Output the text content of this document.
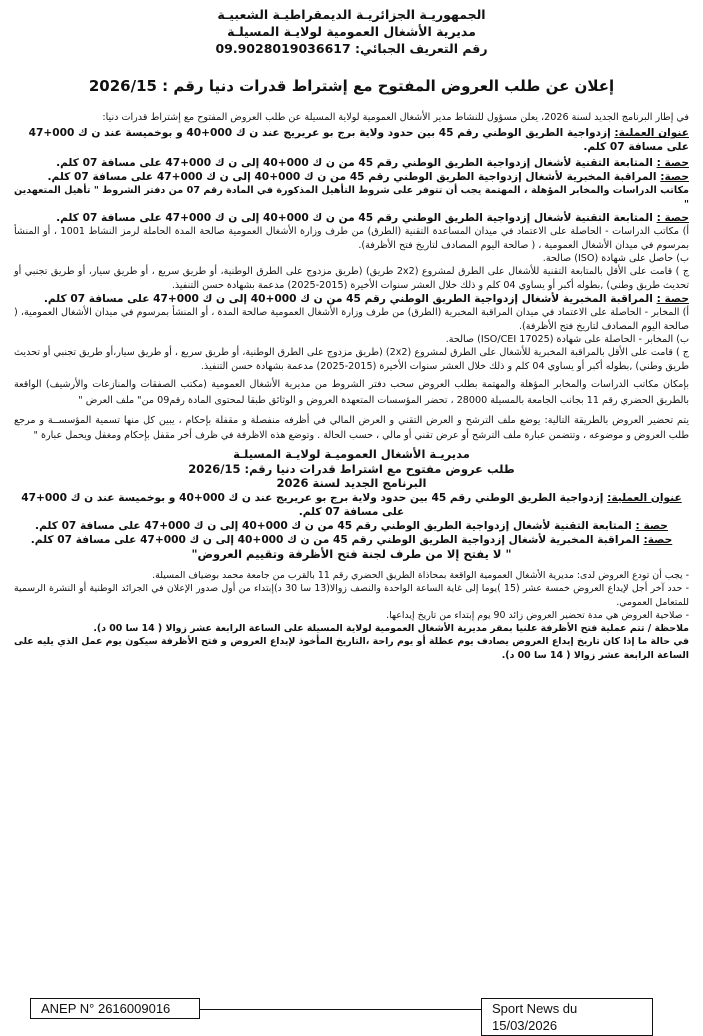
الجمهوريـة الجزائريـة الديمقراطيـة الشعبيـة
مديرية الأشغال العمومية لولايـة المسيلـة
رقم التعريف الجبائي: 09.9028019036617
إعلان عن طلب العروض المفتوح مع إشتراط قدرات دنيا رقم : 2026/15

في إطار البرنامج الجديد لسنة 2026، يعلن مسؤول للنشاط مدير الأشغال العمومية لولاية المسيلة عن طلب العروض المفتوح مع إشتراط قدرات دنيا:

عنوان العملية: إزدواجية الطريق الوطني رقم 45 بين حدود ولاية برج بو عريريج عند ن ك 000+40 و بوخميسة عند ن ك 000+47 على مسافة 07 كلم.

حصة : المتابعة التقنية لأشغال إزدواجية الطريق الوطني رقم 45 من ن ك 000+40 إلى ن ك 000+47 على مسافة 07 كلم.

حصة: المراقبة المخبرية لأشغال إزدواجية الطريق الوطني رقم 45 من ن ك 000+40 إلى ن ك 000+47 على مسافة 07 كلم.

مكاتب الدراسات والمخابر المؤهلة ، المهتمة يجب أن تتوفر على شروط التأهيل المذكورة في المادة رقم 07 من دفتر الشروط " تأهيل المتعهدين "

حصة : المتابعة التقنية لأشغال إزدواجية الطريق الوطني رقم 45 من ن ك 000+40 إلى ن ك 000+47 على مسافة 07 كلم.

أ) مكاتب الدراسات - الحاصلة على الاعتماد في ميدان المساعدة التقنية (الطرق) من طرف وزارة الأشغال العمومية صالحة المدة الحاملة لرمز النشاط 1001 ، أو المنشأ بمرسوم في ميدان الأشغال العمومية ، ( صالحة اليوم المصادف لتاريخ فتح الأظرفة).

ب) حاصل على شهادة (ISO) صالحة.

ج ) قامت على الأقل بالمتابعة التقنية للأشغال على الطرق لمشروع (2x2 طريق) (طريق مزدوج على الطرق الوطنية، أو طريق سريع ، أو طريق سيار، أو طريق تجنبي أو تحديث طريق وطني) ,بطوله أكبر أو يساوي 04 كلم و ذلك خلال العشر سنوات الأخيرة (2015-2025) مدعمة بشهادة حسن التنفيذ.

حصة : المراقبة المخبرية لأشغال إزدواجية الطريق الوطني رقم 45 من ن ك 000+40 إلى ن ك 000+47 على مسافة 07 كلم.

أ) المخابر - الحاصلة على الاعتماد في ميدان المراقبة المخبرية (الطرق) من طرف وزارة الأشغال العمومية صالحة المدة ، أو المنشأ بمرسوم في ميدان الأشغال العمومية، ( صالحة اليوم المصادف لتاريخ فتح الأظرفة).

ب) المخابر - الحاصلة على شهادة (ISO/CEI 17025) صالحة.

ج ) قامت على الأقل بالمراقبة المخبرية للأشغال على الطرق لمشروع (2x2) (طريق مزدوج على الطرق الوطنية، أو طريق سريع ، أو طريق سيار،أو طريق تجنبي أو تحديث طريق وطني) ,بطوله أكبر أو يساوي 04 كلم و ذلك خلال العشر سنوات الأخيرة (2015-2025) مدعمة بشهادة حسن التنفيذ.

بإمكان مكاتب الدراسات والمخابر المؤهلة والمهتمة بطلب العروض سحب دفتر الشروط من مديرية الأشغال العمومية (مكتب الصفقات والمنازعات والأرشيف) الواقعة بالطريق الحضري رقم 11 بجانب الجامعة بالمسيلة 28000 ، تحضر المؤسسات المتعهدة العروض و الوثائق طبقا لمحتوى المادة رقم09 من" ملف العرض "

يتم تحضير العروض بالطريقة التالية: يوضع ملف الترشح و العرض التقني و العرض المالي في أظرفه منفصلة و مقفلة بإحكام ، يبين كل منها تسمية المؤسســة و مرجع طلب العروض و موضوعه ، وتتضمن عبارة ملف الترشح أو عرض تقني أو مالي ، حسب الحالة . وتوضع هذه الاظرفة في ظرف أخر مقفل بإحكام ومغفل ويحمل عبارة "

مديريـة الأشغال العموميـة لولايـة المسيلـة
طلب عروض مفتوح مع اشتراط قدرات دنيا رقم: 2026/15
البرنامج الجديد لسنة 2026

عنوان العملية: إزدواجية الطريق الوطني رقم 45 بين حدود ولاية برج بو عريريج عند ن ك 000+40 و بوخميسة عند ن ك 000+47 على مسافة 07 كلم.

حصة : المتابعة التقنية لأشغال إزدواجية الطريق الوطني رقم 45 من ن ك 000+40 إلى ن ك 000+47 على مسافة 07 كلم.

حصة: المراقبة المخبرية لأشغال إزدواجية الطريق الوطني رقم 45 من ن ك 000+40 إلى ن ك 000+47 على مسافة 07 كلم.

" لا يفتح إلا من طرف لجنة فتح الأظرفة وتقييم العروض"

- يجب أن تودع العروض لدى: مديرية الأشغال العمومية الواقعة بمحاذاة الطريق الحضري رقم 11 بالقرب من جامعة محمد بوضياف المسيلة.

- حدد آخر أجل لإيداع العروض خمسة عشر (15 )يوما إلى غاية الساعة الواحدة والنصف زوالا(13 سا 30 د)إبتداء من أول صدور الإعلان في الجرائد الوطنية أو النشرة الرسمية للمتعامل العمومي.

- صلاحية العروض هي مدة تحضير العروض زائد 90 يوم إبتداء من تاريخ إيداعها.

ملاحظة / تتم عملية فتح الأظرفة علنيا بمقر مديرية الأشغال العمومية لولاية المسيلة على الساعة الرابعة عشر زوالا ( 14 سا 00 د).

في حالة ما إذا كان تاريخ إيداع العروض يصادف يوم عطلة أو يوم راحة ،التاريخ المأخوذ لإيداع العروض و فتح الأظرفة سيكون يوم عمل الذي يليه على الساعة الرابعة عشر زوالا ( 14 سا 00 د).

ANEP N° 2616009016	Sport News du 15/03/2026
